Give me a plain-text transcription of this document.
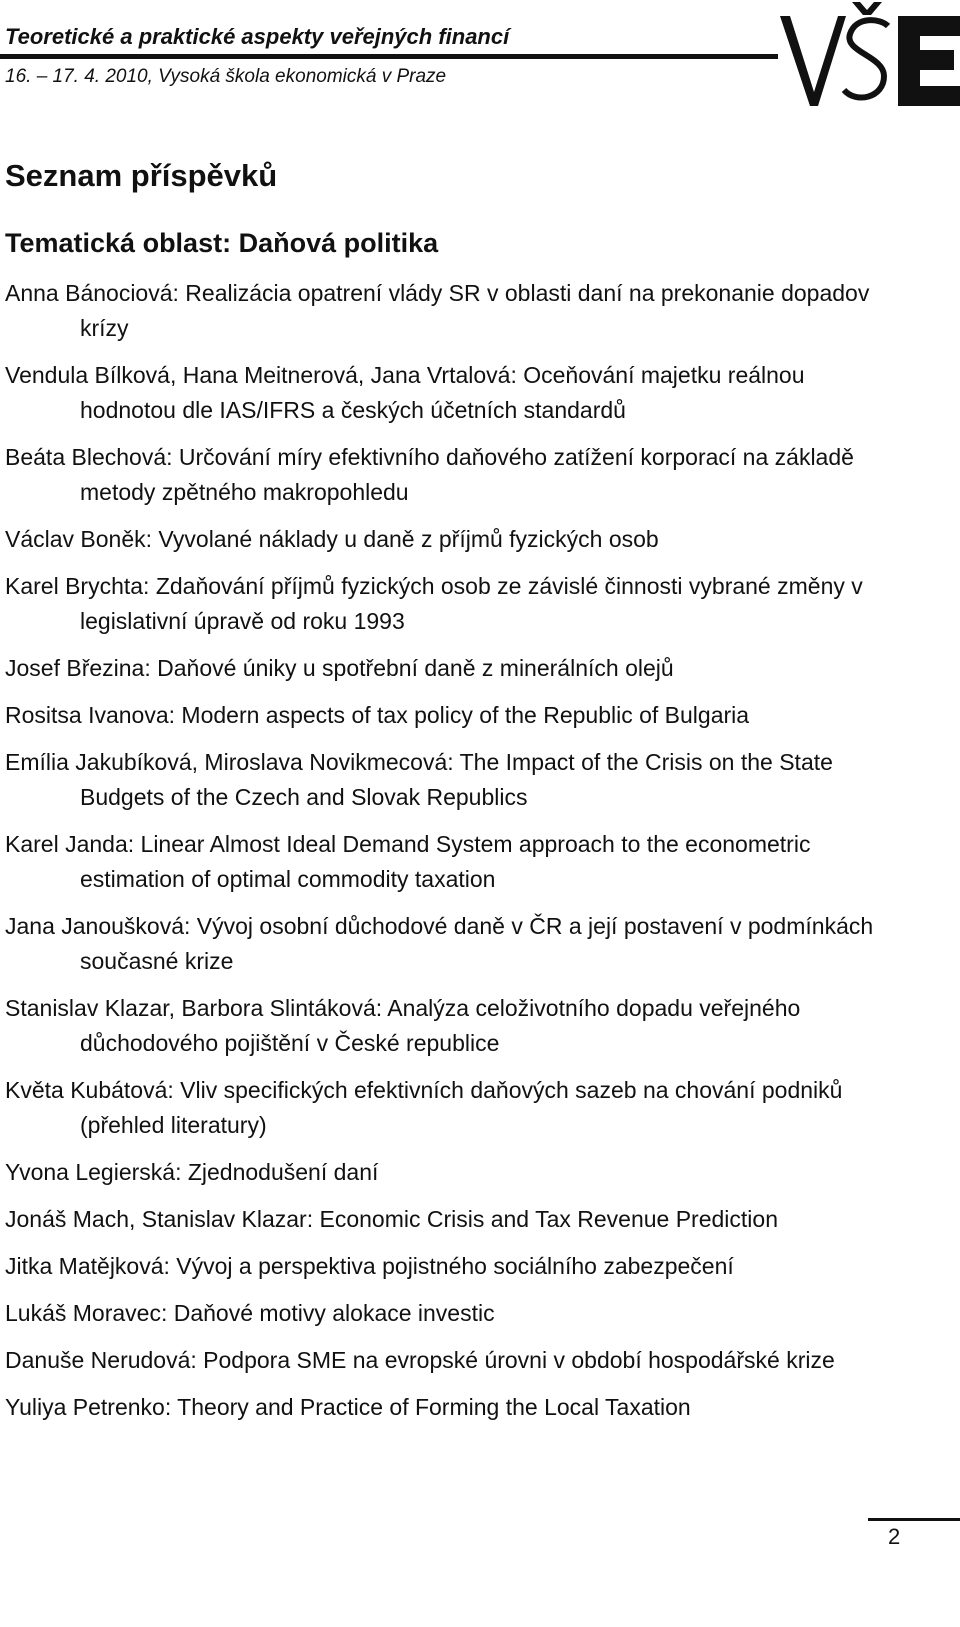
Teoretické a praktické aspekty veřejných financí
16. – 17. 4. 2010, Vysoká škola ekonomická v Praze
Seznam příspěvků
Tematická oblast: Daňová politika
Anna Bánociová: Realizácia opatrení vlády SR v oblasti daní na prekonanie dopadov krízy
Vendula Bílková, Hana Meitnerová, Jana Vrtalová: Oceňování majetku reálnou hodnotou dle IAS/IFRS a českých účetních standardů
Beáta Blechová: Určování míry efektivního daňového zatížení korporací na základě metody zpětného makropohledu
Václav Boněk: Vyvolané náklady u daně z příjmů fyzických osob
Karel Brychta: Zdaňování příjmů fyzických osob ze závislé činnosti vybrané změny v legislativní úpravě od roku 1993
Josef Březina: Daňové úniky u spotřební daně z minerálních olejů
Rositsa Ivanova: Modern aspects of tax policy of the Republic of Bulgaria
Emília Jakubíková, Miroslava Novikmecová: The Impact of the Crisis on the State Budgets of the Czech and Slovak Republics
Karel Janda: Linear Almost Ideal Demand System approach to the econometric estimation of optimal commodity taxation
Jana Janoušková: Vývoj osobní důchodové daně v ČR a její postavení v podmínkách současné krize
Stanislav Klazar, Barbora Slintáková: Analýza celoživotního dopadu veřejného důchodového pojištění v České republice
Květa Kubátová: Vliv specifických efektivních daňových sazeb na chování podniků (přehled literatury)
Yvona Legierská: Zjednodušení daní
Jonáš Mach, Stanislav Klazar: Economic Crisis and Tax Revenue Prediction
Jitka Matějková: Vývoj a perspektiva pojistného sociálního zabezpečení
Lukáš Moravec: Daňové motivy alokace investic
Danuše Nerudová: Podpora SME na evropské úrovni v období hospodářské krize
Yuliya Petrenko: Theory and Practice of Forming the Local Taxation
2
